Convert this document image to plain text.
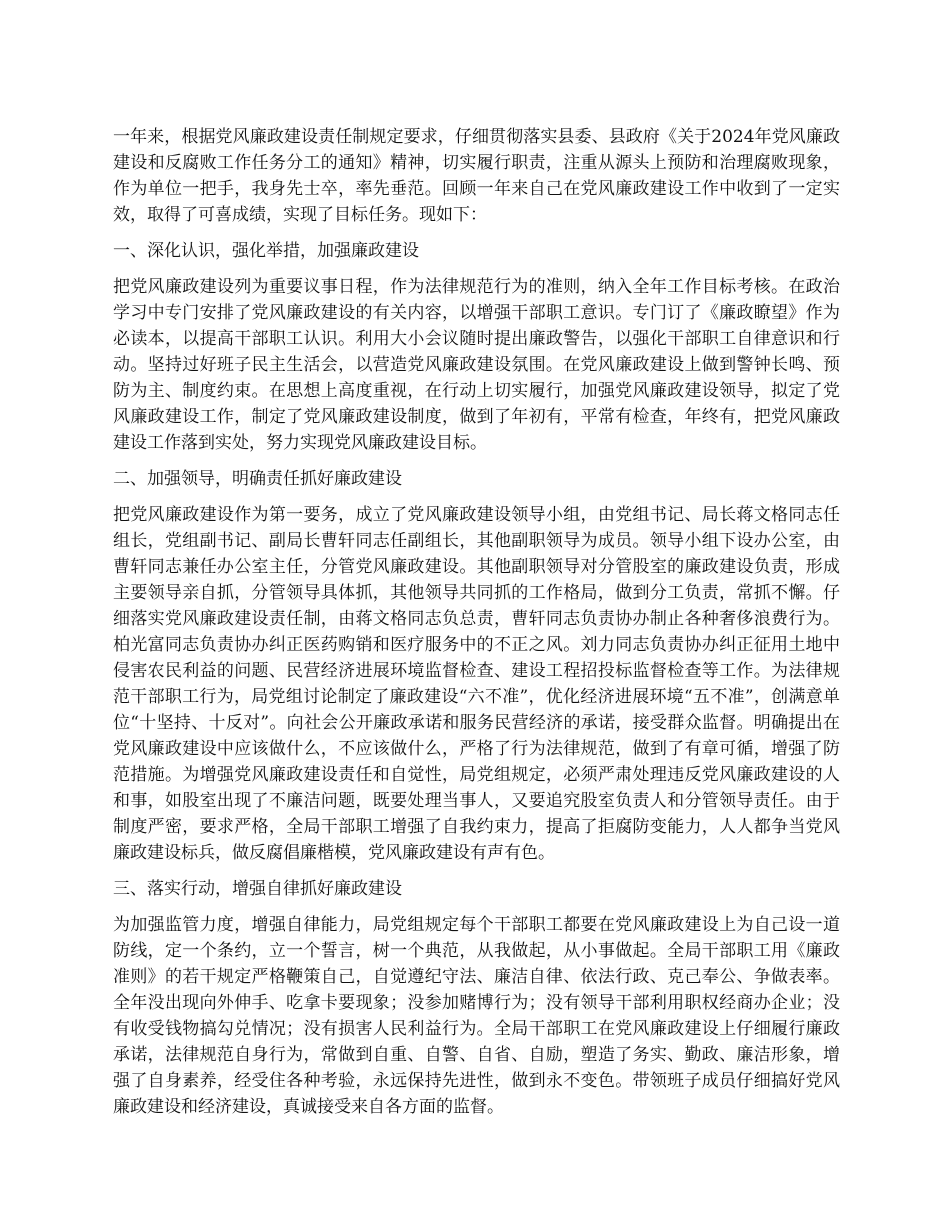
一年来，根据党风廉政建设责任制规定要求，仔细贯彻落实县委、县政府《关于2024年党风廉政建设和反腐败工作任务分工的通知》精神，切实履行职责，注重从源头上预防和治理腐败现象，作为单位一把手，我身先士卒，率先垂范。回顾一年来自己在党风廉政建设工作中收到了一定实效，取得了可喜成绩，实现了目标任务。现如下：

一、深化认识，强化举措，加强廉政建设

把党风廉政建设列为重要议事日程，作为法律规范行为的准则，纳入全年工作目标考核。在政治学习中专门安排了党风廉政建设的有关内容，以增强干部职工意识。专门订了《廉政瞭望》作为必读本，以提高干部职工认识。利用大小会议随时提出廉政警告，以强化干部职工自律意识和行动。坚持过好班子民主生活会，以营造党风廉政建设氛围。在党风廉政建设上做到警钟长鸣、预防为主、制度约束。在思想上高度重视，在行动上切实履行，加强党风廉政建设领导，拟定了党风廉政建设工作，制定了党风廉政建设制度，做到了年初有，平常有检查，年终有，把党风廉政建设工作落到实处，努力实现党风廉政建设目标。

二、加强领导，明确责任抓好廉政建设

把党风廉政建设作为第一要务，成立了党风廉政建设领导小组，由党组书记、局长蒋文格同志任组长，党组副书记、副局长曹轩同志任副组长，其他副职领导为成员。领导小组下设办公室，由曹轩同志兼任办公室主任，分管党风廉政建设。其他副职领导对分管股室的廉政建设负责，形成主要领导亲自抓，分管领导具体抓，其他领导共同抓的工作格局，做到分工负责，常抓不懈。仔细落实党风廉政建设责任制，由蒋文格同志负总责，曹轩同志负责协办制止各种奢侈浪费行为。柏光富同志负责协办纠正医药购销和医疗服务中的不正之风。刘力同志负责协办纠正征用土地中侵害农民利益的问题、民营经济进展环境监督检查、建设工程招投标监督检查等工作。为法律规范干部职工行为，局党组讨论制定了廉政建设“六不准”，优化经济进展环境“五不准”，创满意单位“十坚持、十反对”。向社会公开廉政承诺和服务民营经济的承诺，接受群众监督。明确提出在党风廉政建设中应该做什么，不应该做什么，严格了行为法律规范，做到了有章可循，增强了防范措施。为增强党风廉政建设责任和自觉性，局党组规定，必须严肃处理违反党风廉政建设的人和事，如股室出现了不廉洁问题，既要处理当事人，又要追究股室负责人和分管领导责任。由于制度严密，要求严格，全局干部职工增强了自我约束力，提高了拒腐防变能力，人人都争当党风廉政建设标兵，做反腐倡廉楷模，党风廉政建设有声有色。

三、落实行动，增强自律抓好廉政建设

为加强监管力度，增强自律能力，局党组规定每个干部职工都要在党风廉政建设上为自己设一道防线，定一个条约，立一个誓言，树一个典范，从我做起，从小事做起。全局干部职工用《廉政准则》的若干规定严格鞭策自己，自觉遵纪守法、廉洁自律、依法行政、克己奉公、争做表率。全年没出现向外伸手、吃拿卡要现象；没参加赌博行为；没有领导干部利用职权经商办企业；没有收受钱物搞勾兑情况；没有损害人民利益行为。全局干部职工在党风廉政建设上仔细履行廉政承诺，法律规范自身行为，常做到自重、自警、自省、自励，塑造了务实、勤政、廉洁形象，增强了自身素养，经受住各种考验，永远保持先进性，做到永不变色。带领班子成员仔细搞好党风廉政建设和经济建设，真诚接受来自各方面的监督。
